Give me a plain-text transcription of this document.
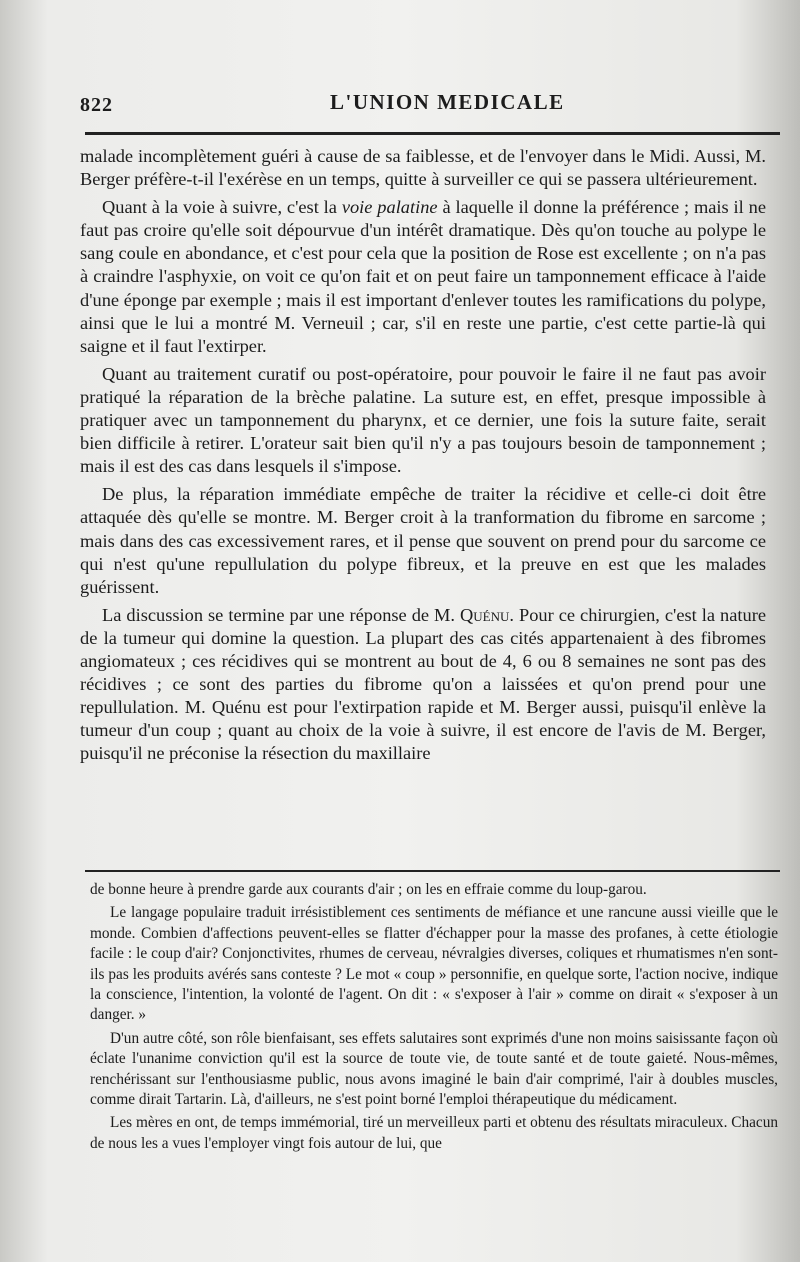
822	L'UNION MEDICALE

malade incomplètement guéri à cause de sa faiblesse, et de l'envoyer dans le Midi. Aussi, M. Berger préfère-t-il l'exérèse en un temps, quitte à surveiller ce qui se passera ultérieurement.

Quant à la voie à suivre, c'est la voie palatine à laquelle il donne la préférence ; mais il ne faut pas croire qu'elle soit dépourvue d'un intérêt dramatique. Dès qu'on touche au polype le sang coule en abondance, et c'est pour cela que la position de Rose est excellente ; on n'a pas à craindre l'asphyxie, on voit ce qu'on fait et on peut faire un tamponnement efficace à l'aide d'une éponge par exemple ; mais il est important d'enlever toutes les ramifications du polype, ainsi que le lui a montré M. Verneuil ; car, s'il en reste une partie, c'est cette partie-là qui saigne et il faut l'extirper.

Quant au traitement curatif ou post-opératoire, pour pouvoir le faire il ne faut pas avoir pratiqué la réparation de la brèche palatine. La suture est, en effet, presque impossible à pratiquer avec un tamponnement du pharynx, et ce dernier, une fois la suture faite, serait bien difficile à retirer. L'orateur sait bien qu'il n'y a pas toujours besoin de tamponnement ; mais il est des cas dans lesquels il s'impose.

De plus, la réparation immédiate empêche de traiter la récidive et celle-ci doit être attaquée dès qu'elle se montre. M. Berger croit à la tranformation du fibrome en sarcome ; mais dans des cas excessivement rares, et il pense que souvent on prend pour du sarcome ce qui n'est qu'une repullulation du polype fibreux, et la preuve en est que les malades guérissent.

La discussion se termine par une réponse de M. Quénu. Pour ce chirurgien, c'est la nature de la tumeur qui domine la question. La plupart des cas cités appartenaient à des fibromes angiomateux ; ces récidives qui se montrent au bout de 4, 6 ou 8 semaines ne sont pas des récidives ; ce sont des parties du fibrome qu'on a laissées et qu'on prend pour une repullulation. M. Quénu est pour l'extirpation rapide et M. Berger aussi, puisqu'il enlève la tumeur d'un coup ; quant au choix de la voie à suivre, il est encore de l'avis de M. Berger, puisqu'il ne préconise la résection du maxillaire

de bonne heure à prendre garde aux courants d'air ; on les en effraie comme du loup-garou.

Le langage populaire traduit irrésistiblement ces sentiments de méfiance et une rancune aussi vieille que le monde. Combien d'affections peuvent-elles se flatter d'échapper pour la masse des profanes, à cette étiologie facile : le coup d'air? Conjonctivites, rhumes de cerveau, névralgies diverses, coliques et rhumatismes n'en sont-ils pas les produits avérés sans conteste ? Le mot « coup » personnifie, en quelque sorte, l'action nocive, indique la conscience, l'intention, la volonté de l'agent. On dit : « s'exposer à l'air » comme on dirait « s'exposer à un danger. »

D'un autre côté, son rôle bienfaisant, ses effets salutaires sont exprimés d'une non moins saisissante façon où éclate l'unanime conviction qu'il est la source de toute vie, de toute santé et de toute gaieté. Nous-mêmes, renchérissant sur l'enthousiasme public, nous avons imaginé le bain d'air comprimé, l'air à doubles muscles, comme dirait Tartarin. Là, d'ailleurs, ne s'est point borné l'emploi thérapeutique du médicament.

Les mères en ont, de temps immémorial, tiré un merveilleux parti et obtenu des résultats miraculeux. Chacun de nous les a vues l'employer vingt fois autour de lui, que
